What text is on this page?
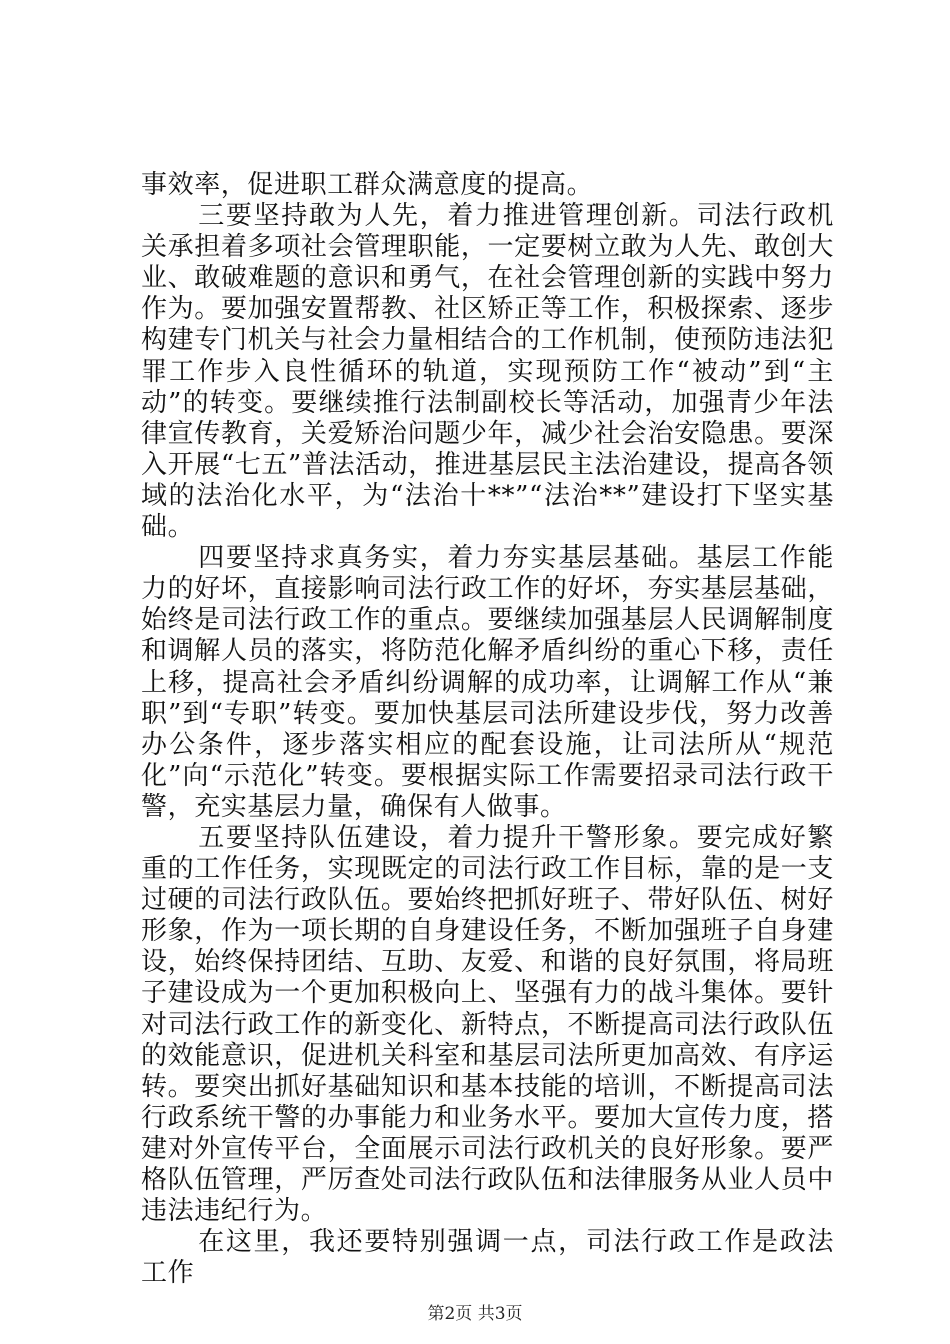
事效率，促进职工群众满意度的提高。

三要坚持敢为人先，着力推进管理创新。司法行政机关承担着多项社会管理职能，一定要树立敢为人先、敢创大业、敢破难题的意识和勇气，在社会管理创新的实践中努力作为。要加强安置帮教、社区矫正等工作，积极探索、逐步构建专门机关与社会力量相结合的工作机制，使预防违法犯罪工作步入良性循环的轨道，实现预防工作“被动”到“主动”的转变。要继续推行法制副校长等活动，加强青少年法律宣传教育，关爱矫治问题少年，减少社会治安隐患。要深入开展“七五”普法活动，推进基层民主法治建设，提高各领域的法治化水平，为“法治十**”“法治**”建设打下坚实基础。

四要坚持求真务实，着力夯实基层基础。基层工作能力的好坏，直接影响司法行政工作的好坏，夯实基层基础，始终是司法行政工作的重点。要继续加强基层人民调解制度和调解人员的落实，将防范化解矛盾纠纷的重心下移，责任上移，提高社会矛盾纠纷调解的成功率，让调解工作从“兼职”到“专职”转变。要加快基层司法所建设步伐，努力改善办公条件，逐步落实相应的配套设施，让司法所从“规范化”向“示范化”转变。要根据实际工作需要招录司法行政干警，充实基层力量，确保有人做事。

五要坚持队伍建设，着力提升干警形象。要完成好繁重的工作任务，实现既定的司法行政工作目标，靠的是一支过硬的司法行政队伍。要始终把抓好班子、带好队伍、树好形象，作为一项长期的自身建设任务，不断加强班子自身建设，始终保持团结、互助、友爱、和谐的良好氛围，将局班子建设成为一个更加积极向上、坚强有力的战斗集体。要针对司法行政工作的新变化、新特点，不断提高司法行政队伍的效能意识，促进机关科室和基层司法所更加高效、有序运转。要突出抓好基础知识和基本技能的培训，不断提高司法行政系统干警的办事能力和业务水平。要加大宣传力度，搭建对外宣传平台，全面展示司法行政机关的良好形象。要严格队伍管理，严厉查处司法行政队伍和法律服务从业人员中违法违纪行为。

在这里，我还要特别强调一点，司法行政工作是政法工作

第2页 共3页
